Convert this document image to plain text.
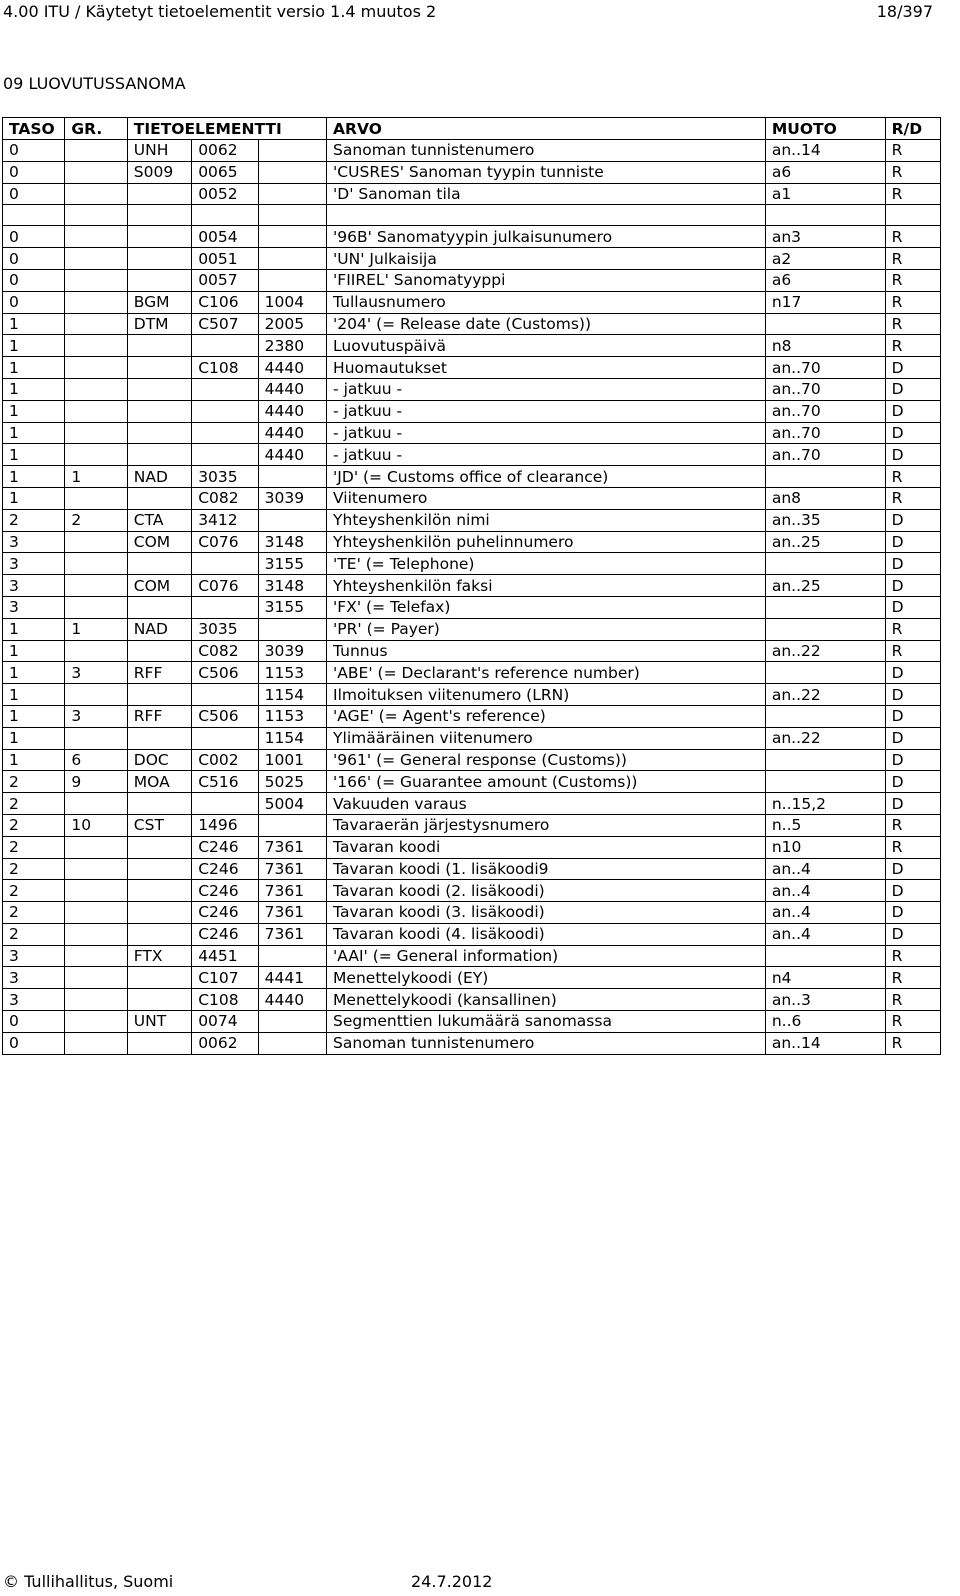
4.00 ITU / Käytetyt tietoelementit versio 1.4 muutos 2	18/397
09 LUOVUTUSSANOMA
TASO	GR.	TIETOELEMENTTI			ARVO	MUOTO	R/D
0		UNH	0062		Sanoman tunnistenumero	an..14	R
0		S009	0065		'CUSRES' Sanoman tyypin tunniste	a6	R
0			0052		'D' Sanoman tila	a1	R

0			0054		'96B' Sanomatyypin julkaisunumero	an3	R
0			0051		'UN' Julkaisija	a2	R
0			0057		'FIIREL' Sanomatyyppi	a6	R
0		BGM	C106	1004	Tullausnumero	n17	R
1		DTM	C507	2005	'204' (= Release date (Customs))		R
1				2380	Luovutuspäivä	n8	R
1			C108	4440	Huomautukset	an..70	D
1				4440	- jatkuu -	an..70	D
1				4440	- jatkuu -	an..70	D
1				4440	- jatkuu -	an..70	D
1				4440	- jatkuu -	an..70	D
1	1	NAD	3035		'JD' (= Customs office of clearance)		R
1			C082	3039	Viitenumero	an8	R
2	2	CTA	3412		Yhteyshenkilön nimi	an..35	D
3		COM	C076	3148	Yhteyshenkilön puhelinnumero	an..25	D
3				3155	'TE' (= Telephone)		D
3		COM	C076	3148	Yhteyshenkilön faksi	an..25	D
3				3155	'FX' (= Telefax)		D
1	1	NAD	3035		'PR' (= Payer)		R
1			C082	3039	Tunnus	an..22	R
1	3	RFF	C506	1153	'ABE' (= Declarant's reference number)		D
1				1154	Ilmoituksen viitenumero (LRN)	an..22	D
1	3	RFF	C506	1153	'AGE' (= Agent's reference)		D
1				1154	Ylimääräinen viitenumero	an..22	D
1	6	DOC	C002	1001	'961' (= General response (Customs))		D
2	9	MOA	C516	5025	'166' (= Guarantee amount (Customs))		D
2				5004	Vakuuden varaus	n..15,2	D
2	10	CST	1496		Tavaraerän järjestysnumero	n..5	R
2			C246	7361	Tavaran koodi	n10	R
2			C246	7361	Tavaran koodi (1. lisäkoodi9	an..4	D
2			C246	7361	Tavaran koodi (2. lisäkoodi)	an..4	D
2			C246	7361	Tavaran koodi (3. lisäkoodi)	an..4	D
2			C246	7361	Tavaran koodi (4. lisäkoodi)	an..4	D
3		FTX	4451		'AAI' (= General information)		R
3			C107	4441	Menettelykoodi (EY)	n4	R
3			C108	4440	Menettelykoodi (kansallinen)	an..3	R
0		UNT	0074		Segmenttien lukumäärä sanomassa	n..6	R
0			0062		Sanoman tunnistenumero	an..14	R
© Tullihallitus, Suomi	24.7.2012
